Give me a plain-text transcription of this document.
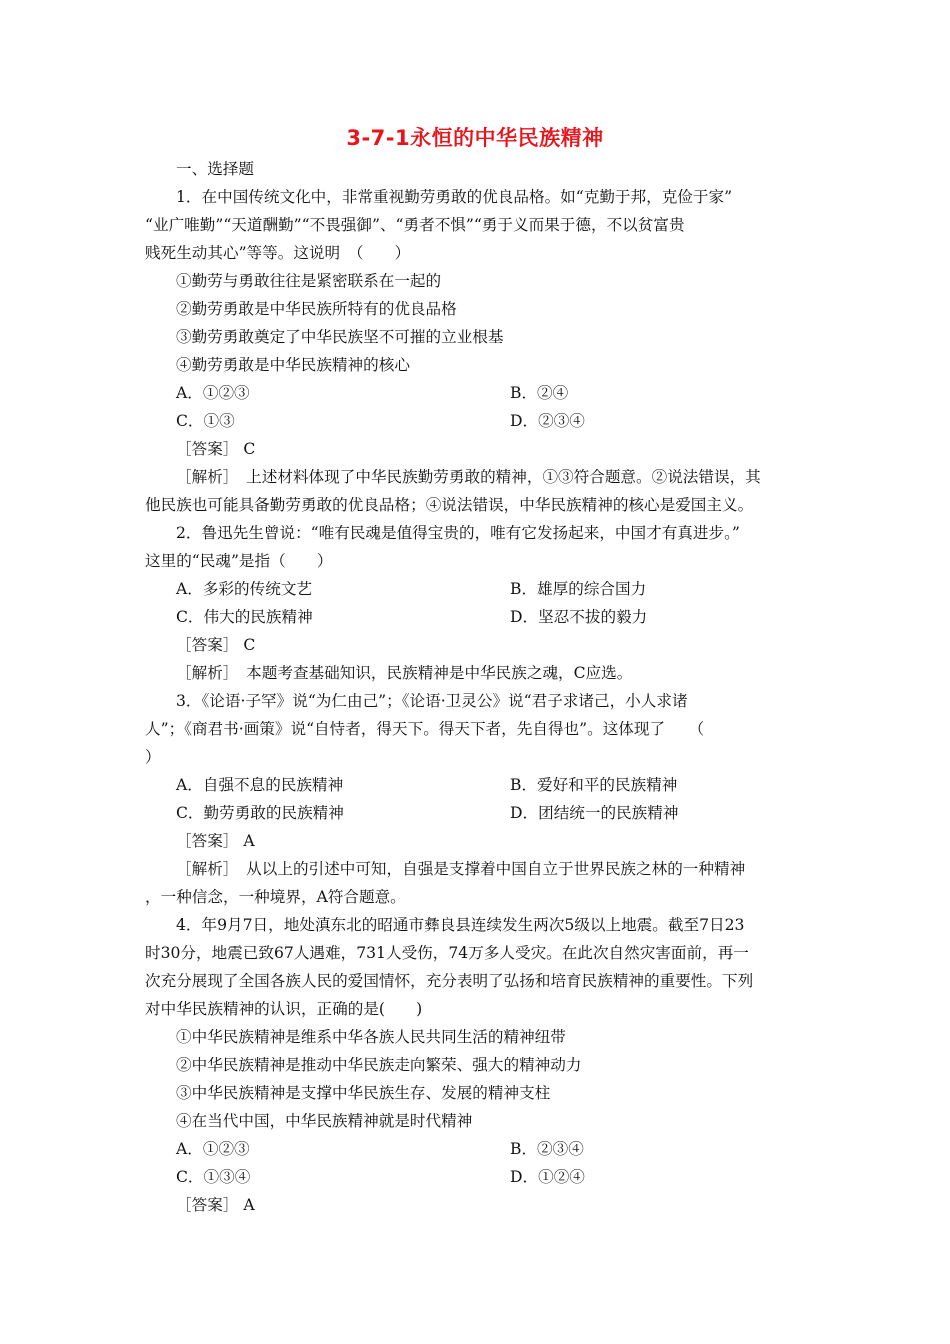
3-7-1永恒的中华民族精神

一、选择题

1．在中国传统文化中，非常重视勤劳勇敢的优良品格。如“克勤于邦，克俭于家”

“业广唯勤”“天道酬勤”“不畏强御”、“勇者不惧”“勇于义而果于德，不以贫富贵

贱死生动其心”等等。这说明　（　　）

①勤劳与勇敢往往是紧密联系在一起的

②勤劳勇敢是中华民族所特有的优良品格

③勤劳勇敢奠定了中华民族坚不可摧的立业根基

④勤劳勇敢是中华民族精神的核心

A．①②③	B．②④
C．①③	D．②③④

［答案］ C

［解析］　上述材料体现了中华民族勤劳勇敢的精神，①③符合题意。②说法错误，其

他民族也可能具备勤劳勇敢的优良品格；④说法错误，中华民族精神的核心是爱国主义。

2．鲁迅先生曾说：“唯有民魂是值得宝贵的，唯有它发扬起来，中国才有真进步。”

这里的“民魂”是指（　　）

A．多彩的传统文艺	B．雄厚的综合国力
C．伟大的民族精神	D．坚忍不拔的毅力

［答案］ C

［解析］　本题考查基础知识，民族精神是中华民族之魂，C应选。

3．《论语·子罕》说“为仁由己”；《论语·卫灵公》说“君子求诸己，小人求诸

人”；《商君书·画策》说“自恃者，得天下。得天下者，先自得也”。这体现了　　（

）

A．自强不息的民族精神	B．爱好和平的民族精神
C．勤劳勇敢的民族精神	D．团结统一的民族精神

［答案］ A

［解析］　从以上的引述中可知，自强是支撑着中国自立于世界民族之林的一种精神

，一种信念，一种境界，A符合题意。

4．年9月7日，地处滇东北的昭通市彝良县连续发生两次5级以上地震。截至7日23

时30分，地震已致67人遇难，731人受伤，74万多人受灾。在此次自然灾害面前，再一

次充分展现了全国各族人民的爱国情怀，充分表明了弘扬和培育民族精神的重要性。下列

对中华民族精神的认识，正确的是(　　)

①中华民族精神是维系中华各族人民共同生活的精神纽带

②中华民族精神是推动中华民族走向繁荣、强大的精神动力

③中华民族精神是支撑中华民族生存、发展的精神支柱

④在当代中国，中华民族精神就是时代精神

A．①②③	B．②③④
C．①③④	D．①②④

［答案］ A
